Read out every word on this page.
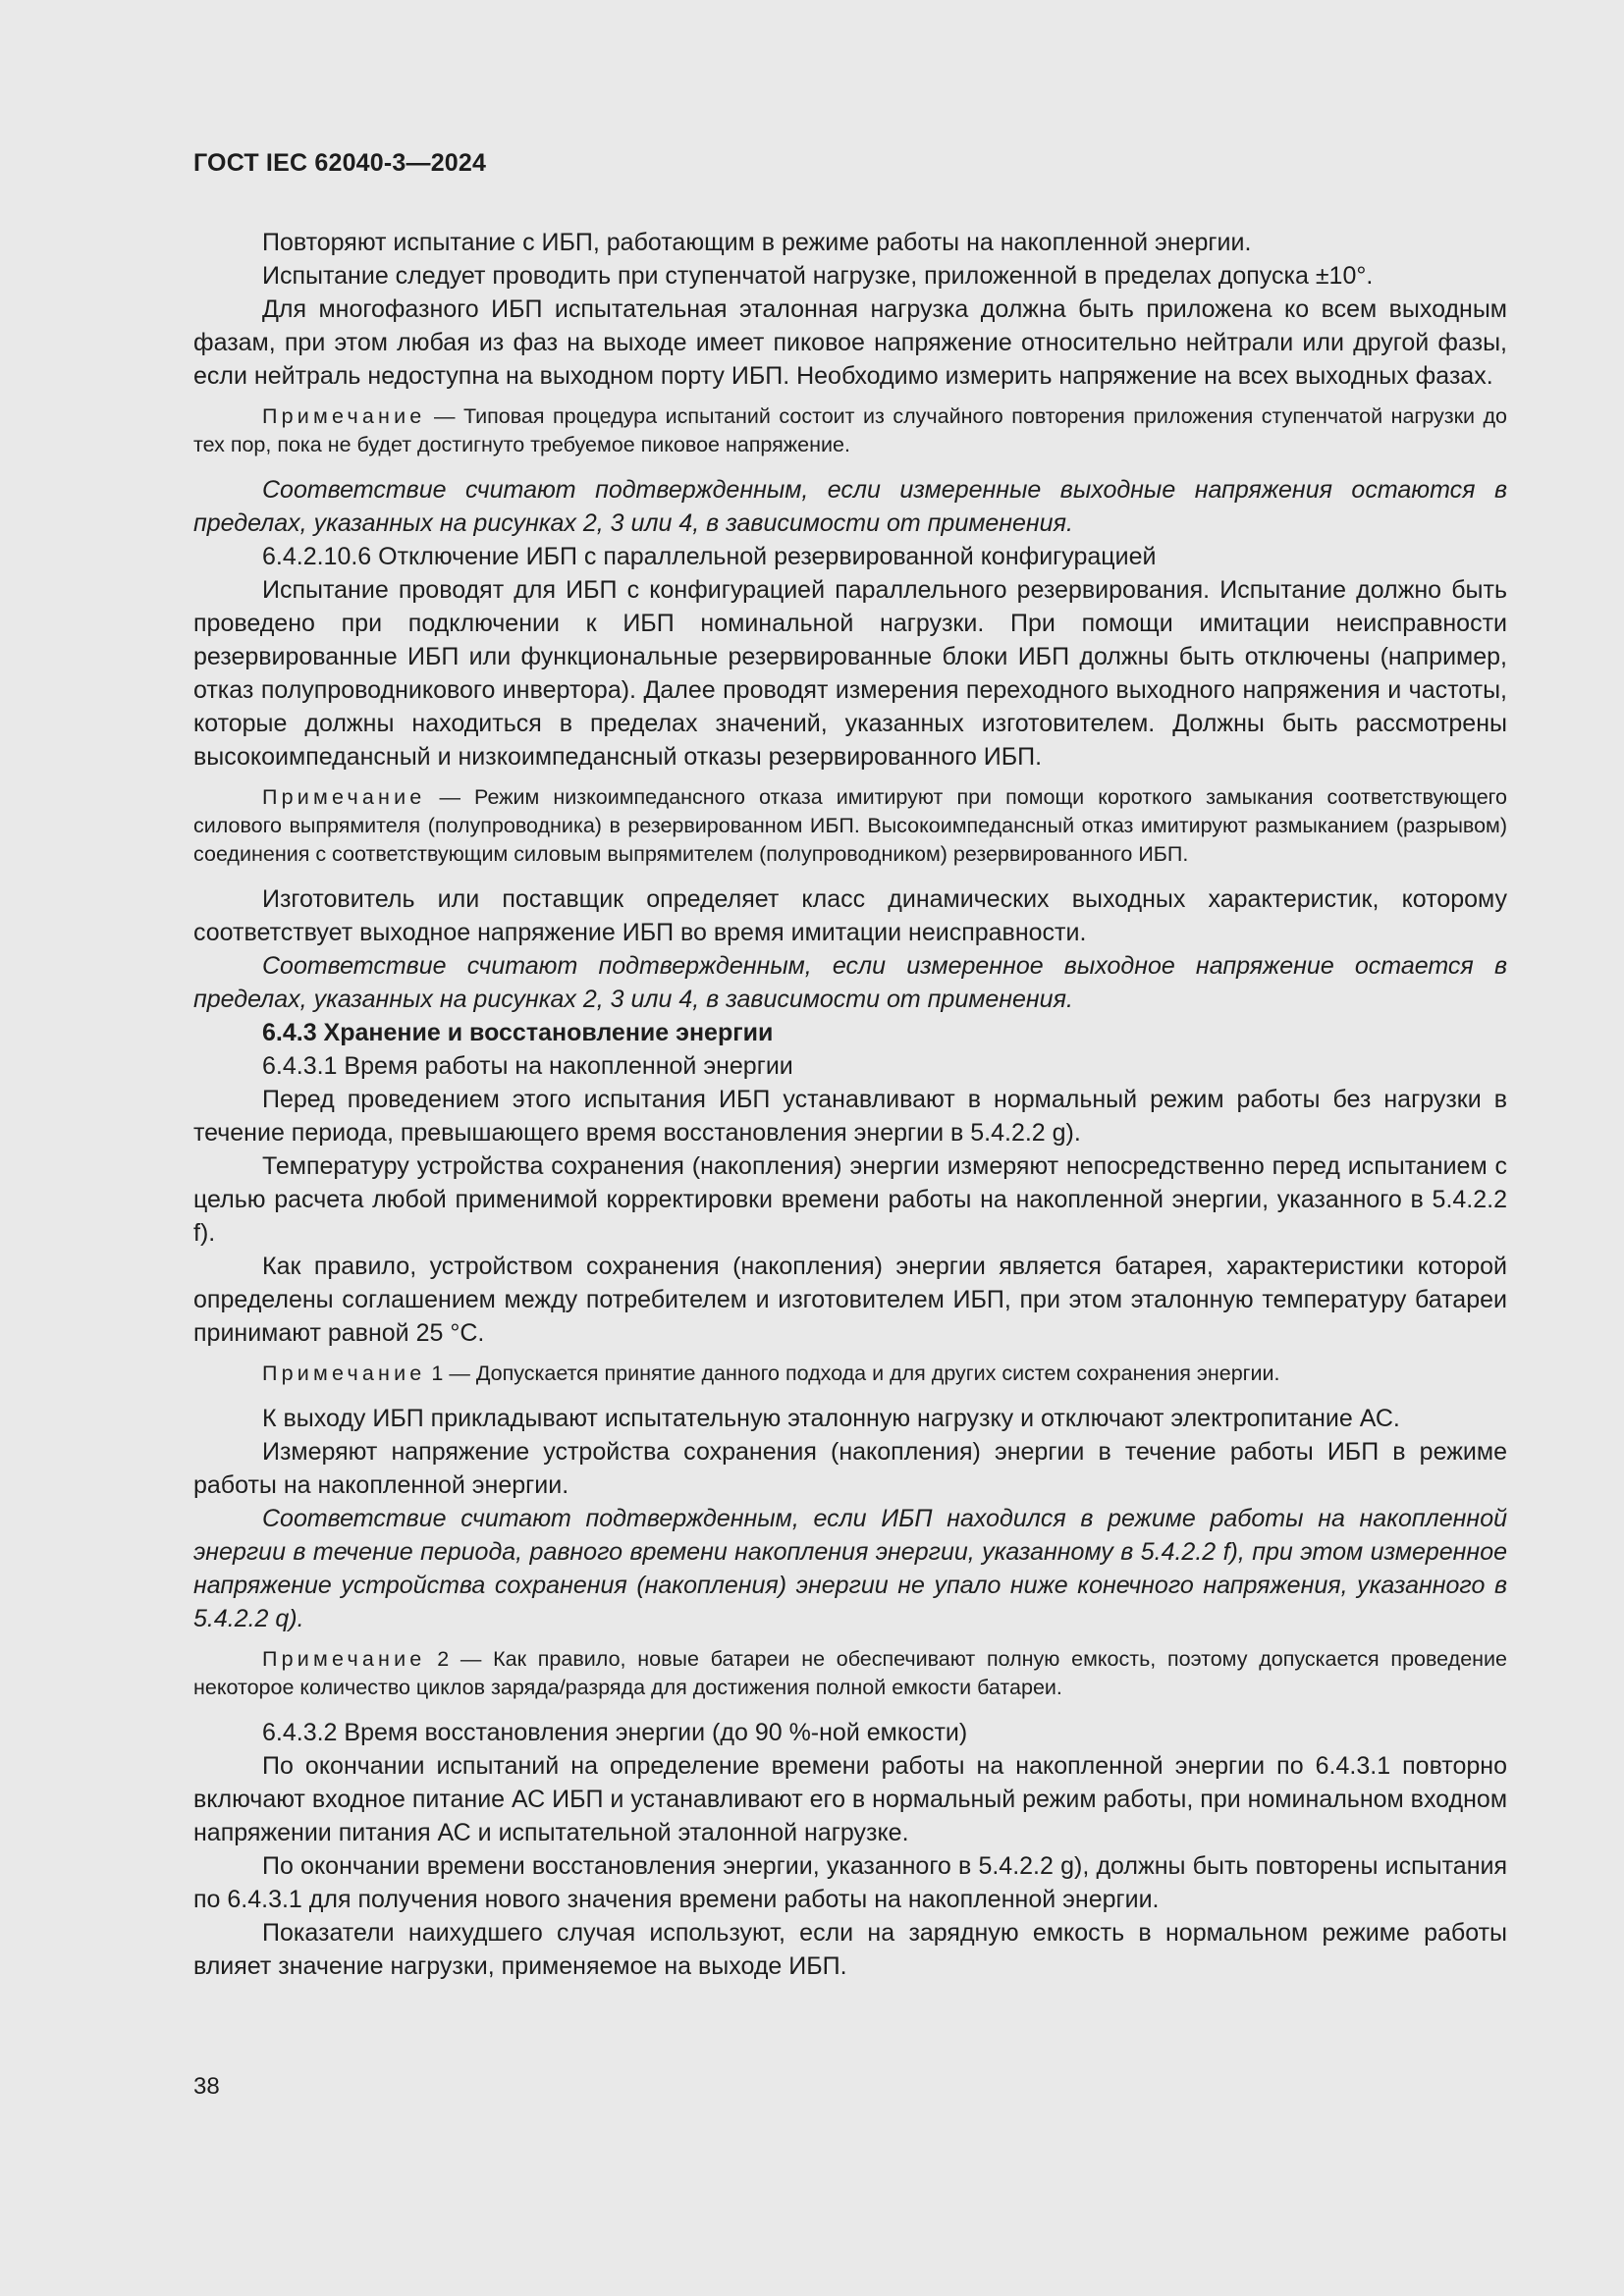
ГОСТ IEC 62040-3—2024

Повторяют испытание с ИБП, работающим в режиме работы на накопленной энергии.

Испытание следует проводить при ступенчатой нагрузке, приложенной в пределах допуска ±10°.

Для многофазного ИБП испытательная эталонная нагрузка должна быть приложена ко всем выходным фазам, при этом любая из фаз на выходе имеет пиковое напряжение относительно нейтрали или другой фазы, если нейтраль недоступна на выходном порту ИБП. Необходимо измерить напряжение на всех выходных фазах.

Примечание — Типовая процедура испытаний состоит из случайного повторения приложения ступенчатой нагрузки до тех пор, пока не будет достигнуто требуемое пиковое напряжение.

Соответствие считают подтвержденным, если измеренные выходные напряжения остаются в пределах, указанных на рисунках 2, 3 или 4, в зависимости от применения.

6.4.2.10.6 Отключение ИБП с параллельной резервированной конфигурацией

Испытание проводят для ИБП с конфигурацией параллельного резервирования. Испытание должно быть проведено при подключении к ИБП номинальной нагрузки. При помощи имитации неисправности резервированные ИБП или функциональные резервированные блоки ИБП должны быть отключены (например, отказ полупроводникового инвертора). Далее проводят измерения переходного выходного напряжения и частоты, которые должны находиться в пределах значений, указанных изготовителем. Должны быть рассмотрены высокоимпедансный и низкоимпедансный отказы резервированного ИБП.

Примечание — Режим низкоимпедансного отказа имитируют при помощи короткого замыкания соответствующего силового выпрямителя (полупроводника) в резервированном ИБП. Высокоимпедансный отказ имитируют размыканием (разрывом) соединения с соответствующим силовым выпрямителем (полупроводником) резервированного ИБП.

Изготовитель или поставщик определяет класс динамических выходных характеристик, которому соответствует выходное напряжение ИБП во время имитации неисправности.

Соответствие считают подтвержденным, если измеренное выходное напряжение остается в пределах, указанных на рисунках 2, 3 или 4, в зависимости от применения.

6.4.3 Хранение и восстановление энергии

6.4.3.1 Время работы на накопленной энергии

Перед проведением этого испытания ИБП устанавливают в нормальный режим работы без нагрузки в течение периода, превышающего время восстановления энергии в 5.4.2.2 g).

Температуру устройства сохранения (накопления) энергии измеряют непосредственно перед испытанием с целью расчета любой применимой корректировки времени работы на накопленной энергии, указанного в 5.4.2.2 f).

Как правило, устройством сохранения (накопления) энергии является батарея, характеристики которой определены соглашением между потребителем и изготовителем ИБП, при этом эталонную температуру батареи принимают равной 25 °С.

Примечание 1 — Допускается принятие данного подхода и для других систем сохранения энергии.

К выходу ИБП прикладывают испытательную эталонную нагрузку и отключают электропитание АС.

Измеряют напряжение устройства сохранения (накопления) энергии в течение работы ИБП в режиме работы на накопленной энергии.

Соответствие считают подтвержденным, если ИБП находился в режиме работы на накопленной энергии в течение периода, равного времени накопления энергии, указанному в 5.4.2.2 f), при этом измеренное напряжение устройства сохранения (накопления) энергии не упало ниже конечного напряжения, указанного в 5.4.2.2 q).

Примечание 2 — Как правило, новые батареи не обеспечивают полную емкость, поэтому допускается проведение некоторое количество циклов заряда/разряда для достижения полной емкости батареи.

6.4.3.2 Время восстановления энергии (до 90 %-ной емкости)

По окончании испытаний на определение времени работы на накопленной энергии по 6.4.3.1 повторно включают входное питание АС ИБП и устанавливают его в нормальный режим работы, при номинальном входном напряжении питания АС и испытательной эталонной нагрузке.

По окончании времени восстановления энергии, указанного в 5.4.2.2 g), должны быть повторены испытания по 6.4.3.1 для получения нового значения времени работы на накопленной энергии.

Показатели наихудшего случая используют, если на зарядную емкость в нормальном режиме работы влияет значение нагрузки, применяемое на выходе ИБП.

38
